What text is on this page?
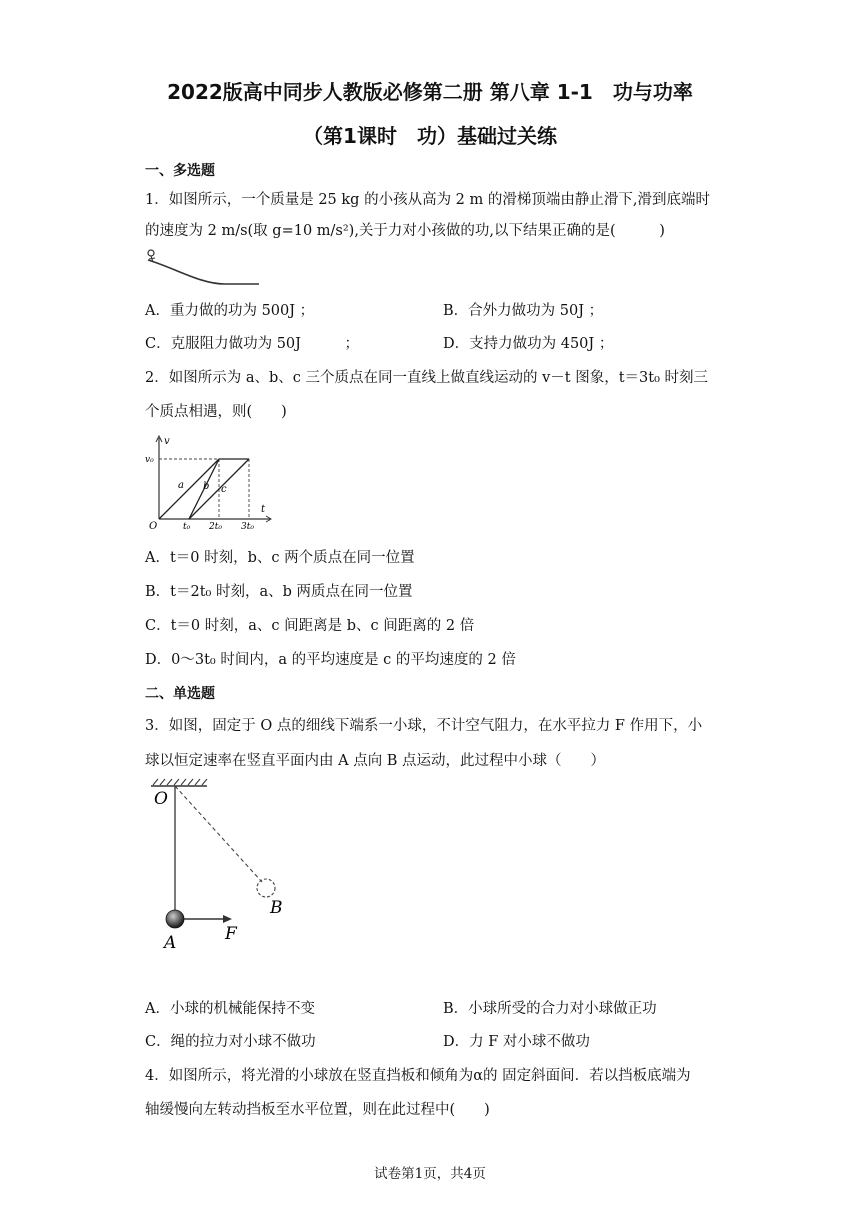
2022版高中同步人教版必修第二册 第八章 1-1　功与功率
（第1课时　功）基础过关练
一、多选题
1．如图所示，一个质量是 25 kg 的小孩从高为 2 m 的滑梯顶端由静止滑下,滑到底端时
的速度为 2 m/s(取 g=10 m/s²),关于力对小孩做的功,以下结果正确的是(　　　)
A．重力做的功为 500J ；	B．合外力做功为 50J ；
C．克服阻力做功为 50J　　　；	D．支持力做功为 450J ；
2．如图所示为 a、b、c 三个质点在同一直线上做直线运动的 v－t 图象，t＝3t₀ 时刻三
个质点相遇，则(　　)
v
t
v₀
O	t₀ 2t₀ 3t₀
a b c
A．t＝0 时刻，b、c 两个质点在同一位置
B．t＝2t₀ 时刻，a、b 两质点在同一位置
C．t＝0 时刻，a、c 间距离是 b、c 间距离的 2 倍
D．0～3t₀ 时间内，a 的平均速度是 c 的平均速度的 2 倍
二、单选题
3．如图，固定于 O 点的细线下端系一小球，不计空气阻力，在水平拉力 F 作用下，小
球以恒定速率在竖直平面内由 A 点向 B 点运动，此过程中小球（　　）
O
A
B
F
A．小球的机械能保持不变	B．小球所受的合力对小球做正功
C．绳的拉力对小球不做功	D．力 F 对小球不做功
4．如图所示，将光滑的小球放在竖直挡板和倾角为α的 固定斜面间．若以挡板底端为
轴缓慢向左转动挡板至水平位置，则在此过程中(　　)
试卷第1页，共4页
